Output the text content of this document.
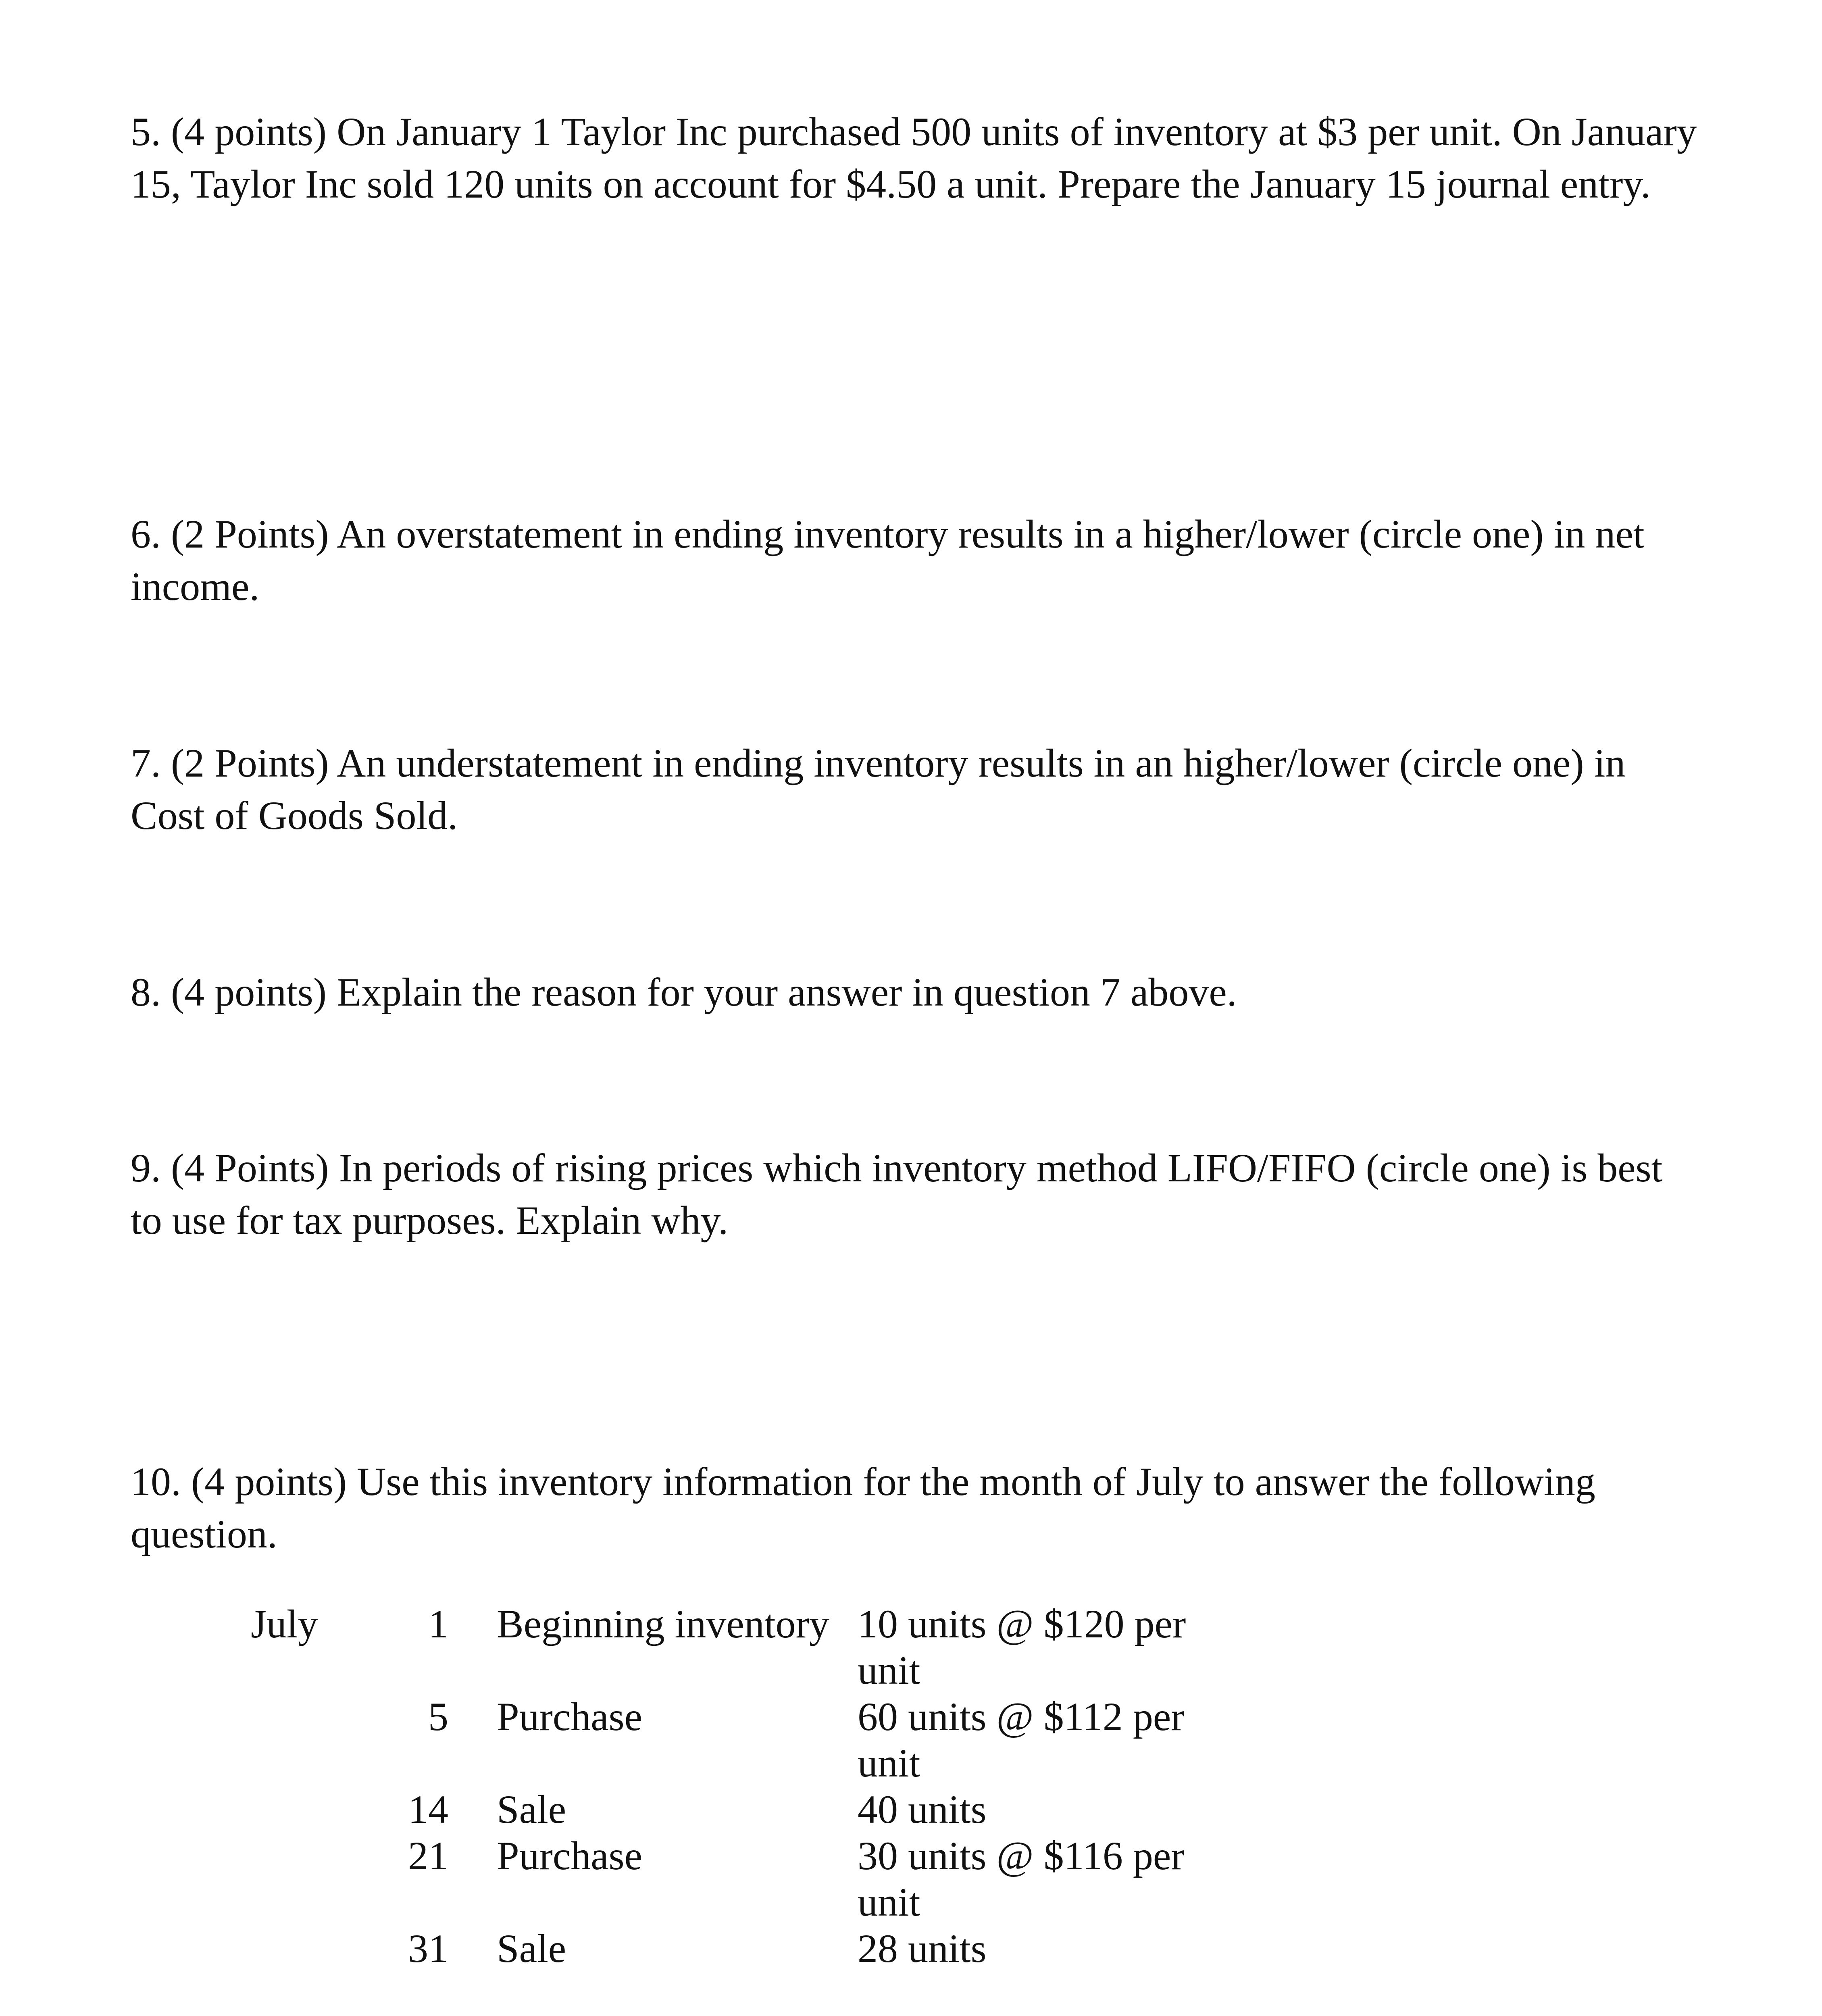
5. (4 points) On January 1 Taylor Inc purchased 500 units of inventory at $3 per unit. On January
15, Taylor Inc sold 120 units on account for $4.50 a unit. Prepare the January 15 journal entry.
6. (2 Points) An overstatement in ending inventory results in a higher/lower (circle one) in net
income.
7. (2 Points) An understatement in ending inventory results in an higher/lower (circle one) in
Cost of Goods Sold.
8. (4 points) Explain the reason for your answer in question 7 above.
9. (4 Points) In periods of rising prices which inventory method LIFO/FIFO (circle one) is best
to use for tax purposes. Explain why.
10. (4 points) Use this inventory information for the month of July to answer the following
question.
July	1 Beginning inventory 10 units @ $120 per
unit
5 Purchase	60 units @ $112 per
unit
14 Sale	40 units
21 Purchase	30 units @ $116 per
unit
31 Sale	28 units
